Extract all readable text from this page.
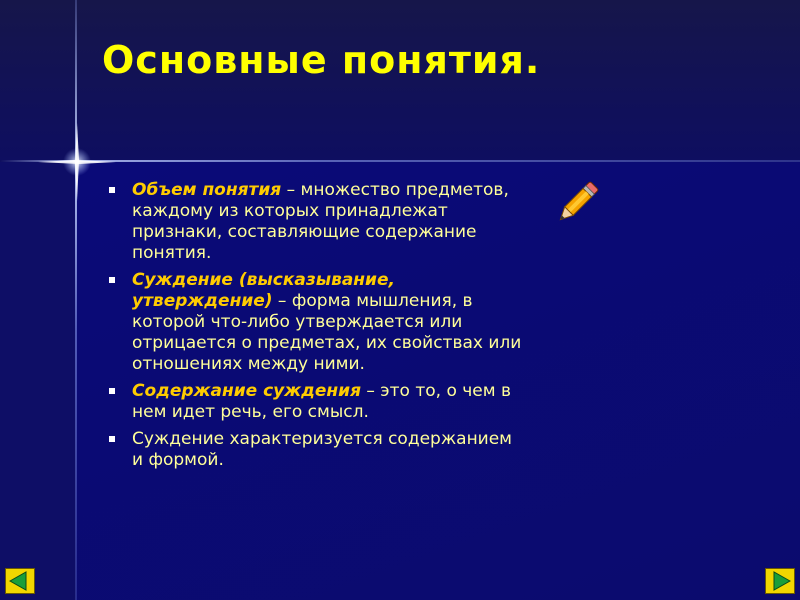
Основные понятия.
Объем понятия – множество предметов, каждому из которых принадлежат признаки, составляющие содержание понятия.
Суждение (высказывание, утверждение) – форма мышления, в которой что-либо утверждается или отрицается о предметах, их свойствах или отношениях между ними.
Содержание суждения – это то, о чем в нем идет речь, его смысл.
Суждение характеризуется содержанием и формой.
